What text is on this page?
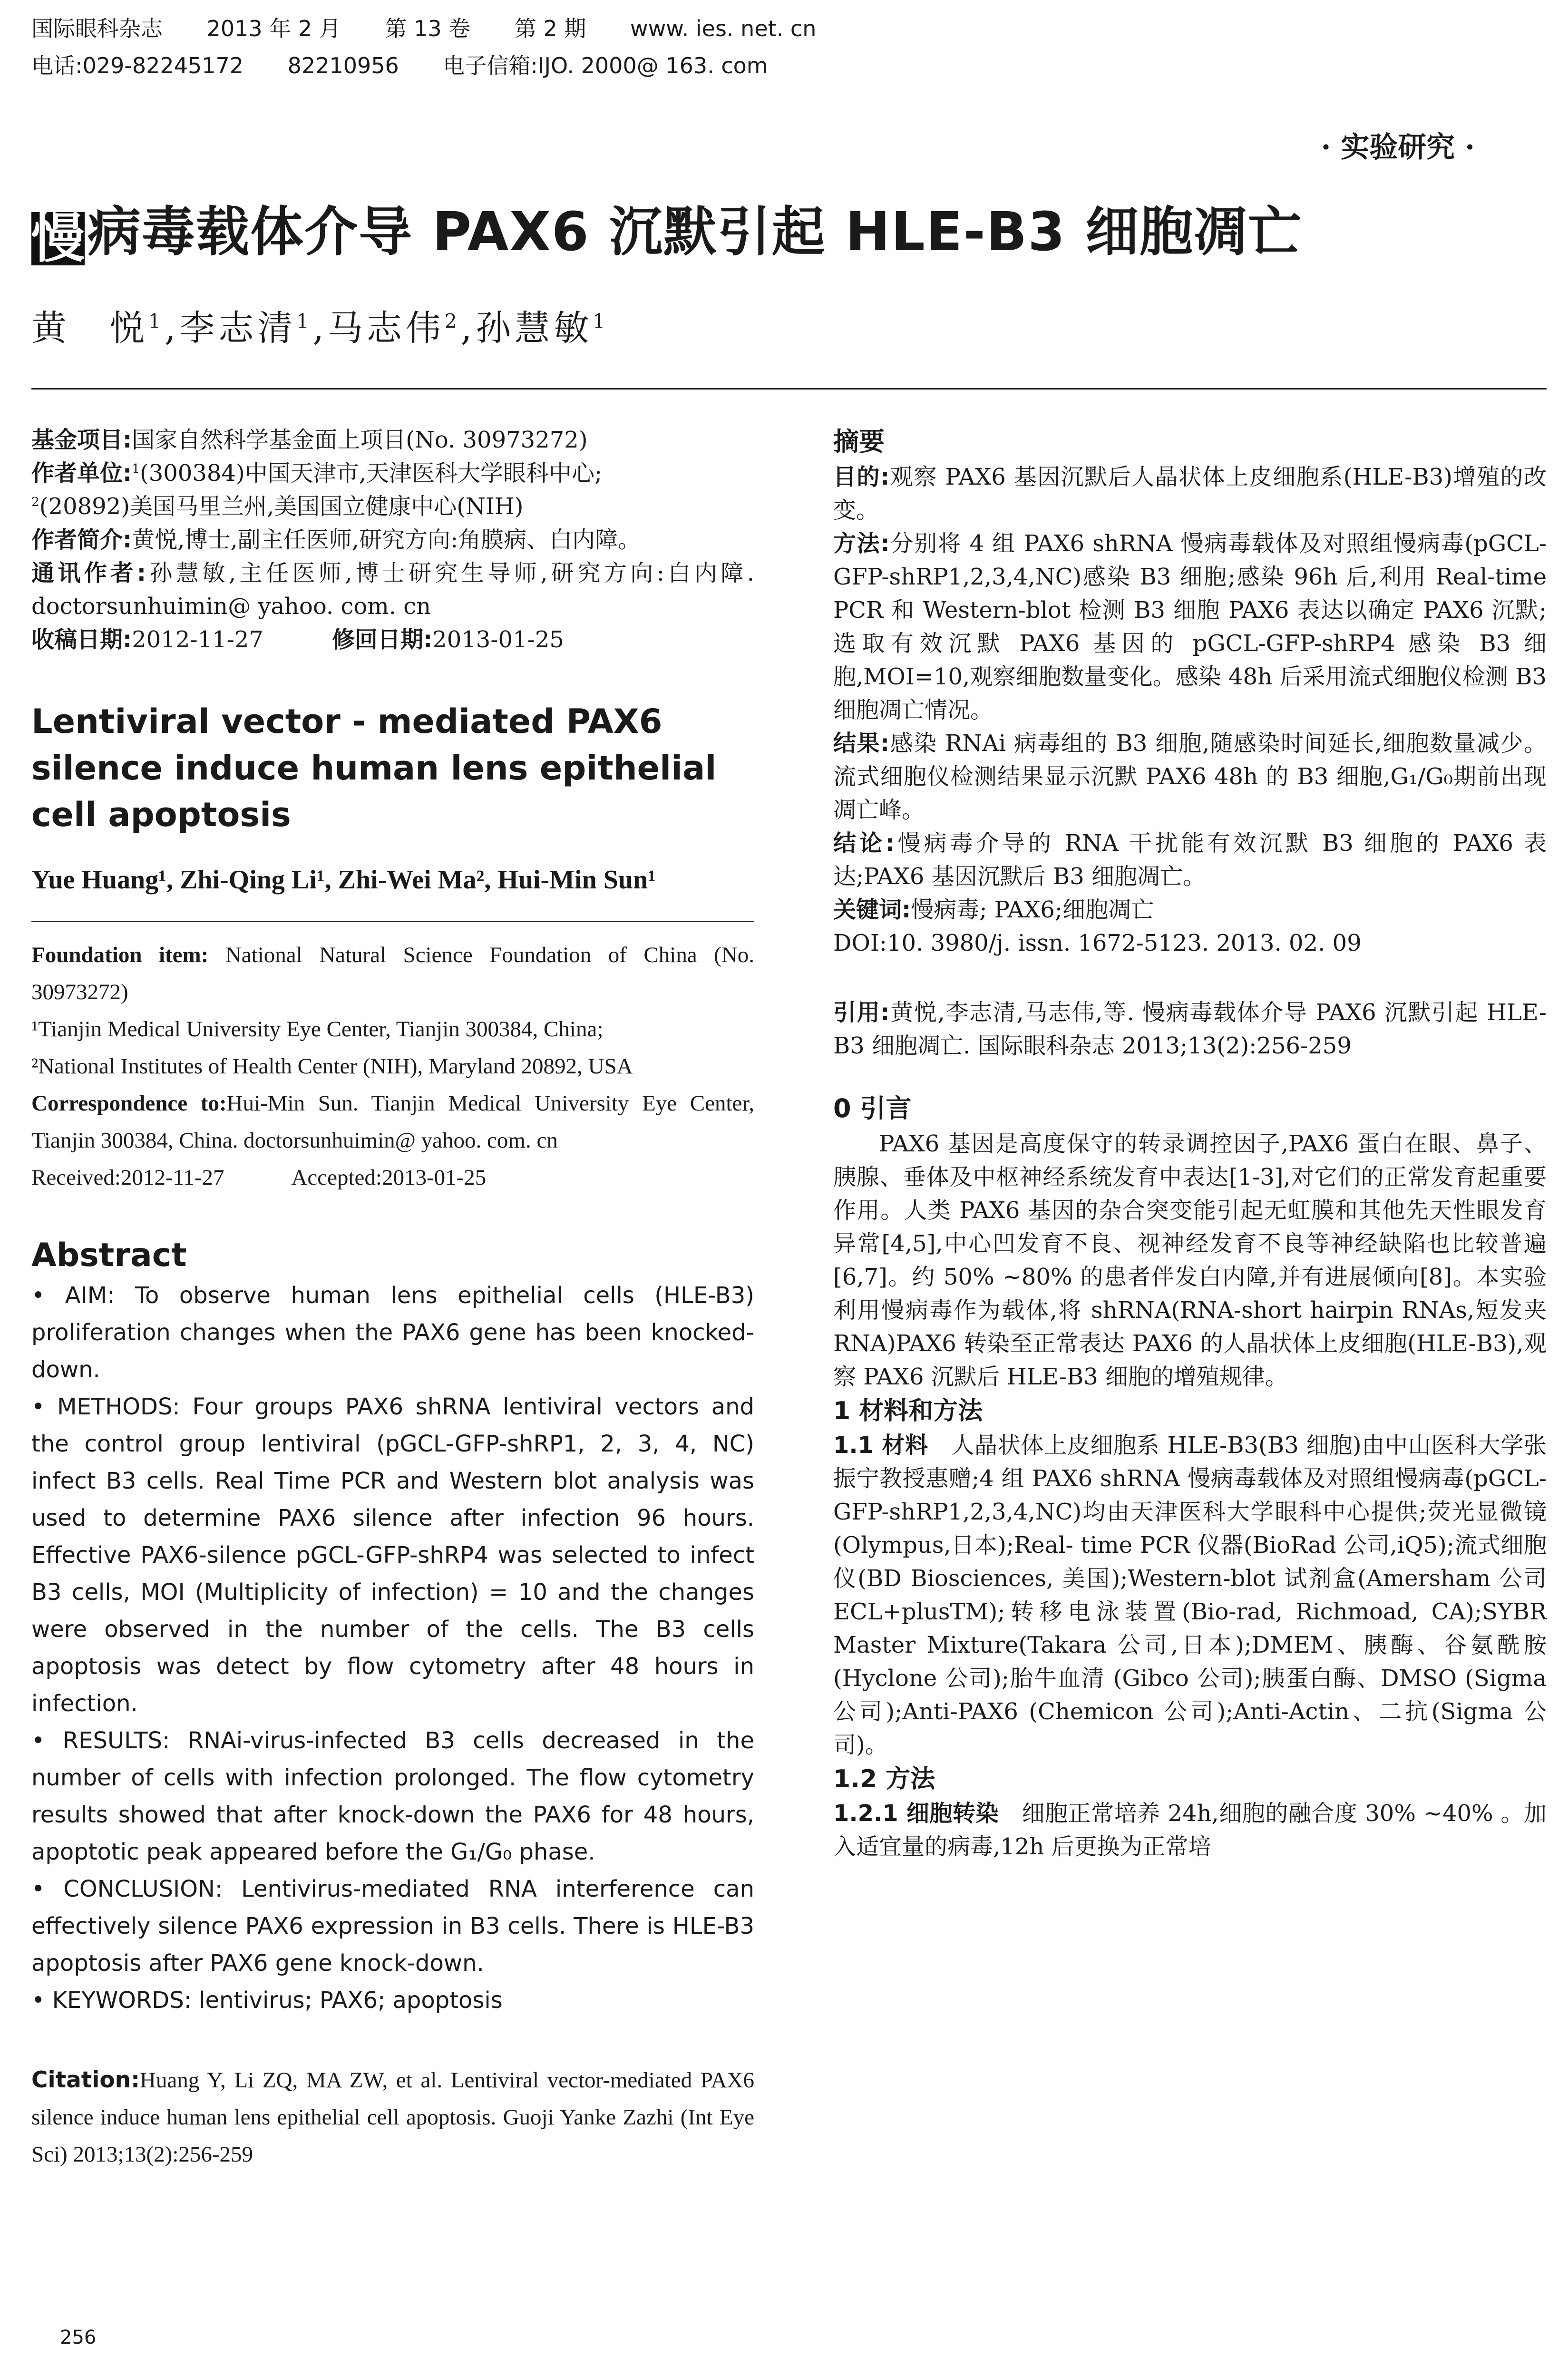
国际眼科杂志 2013 年 2 月 第 13 卷 第 2 期 www. ies. net. cn
电话:029-82245172 82210956 电子信箱:IJO. 2000@ 163. com
· 实验研究 ·
慢病毒载体介导 PAX6 沉默引起 HLE-B3 细胞凋亡
黄　悦$^1$,李志清$^1$,马志伟$^2$,孙慧敏$^1$

基金项目:国家自然科学基金面上项目(No. 30973272)

作者单位:$^1$(300384)中国天津市,天津医科大学眼科中心;

$^2$(20892)美国马里兰州,美国国立健康中心(NIH)

作者简介:黄悦,博士,副主任医师,研究方向:角膜病、白内障。

通讯作者:孙慧敏,主任医师,博士研究生导师,研究方向:白内障. doctorsunhuimin@ yahoo. com. cn

收稿日期:2012-11-27　　　	修回日期:2013-01-25

Lentiviral vector - mediated PAX6 silence induce human lens epithelial cell apoptosis

Yue Huang¹, Zhi-Qing Li¹, Zhi-Wei Ma², Hui-Min Sun¹

Foundation item: National Natural Science Foundation of China (No. 30973272)

¹Tianjin Medical University Eye Center, Tianjin 300384, China;

²National Institutes of Health Center (NIH), Maryland 20892, USA

Correspondence to:Hui-Min Sun. Tianjin Medical University Eye Center, Tianjin 300384, China. doctorsunhuimin@ yahoo. com. cn

Received:2012-11-27　　　	Accepted:2013-01-25

Abstract

• AIM: To observe human lens epithelial cells (HLE-B3) proliferation changes when the PAX6 gene has been knocked-down.

• METHODS: Four groups PAX6 shRNA lentiviral vectors and the control group lentiviral (pGCL-GFP-shRP1, 2, 3, 4, NC) infect B3 cells. Real Time PCR and Western blot analysis was used to determine PAX6 silence after infection 96 hours. Effective PAX6-silence pGCL-GFP-shRP4 was selected to infect B3 cells, MOI (Multiplicity of infection) = 10 and the changes were observed in the number of the cells. The B3 cells apoptosis was detect by flow cytometry after 48 hours in infection.

• RESULTS: RNAi-virus-infected B3 cells decreased in the number of cells with infection prolonged. The flow cytometry results showed that after knock-down the PAX6 for 48 hours, apoptotic peak appeared before the G₁/G₀ phase.

• CONCLUSION: Lentivirus-mediated RNA interference can effectively silence PAX6 expression in B3 cells. There is HLE-B3 apoptosis after PAX6 gene knock-down.

• KEYWORDS: lentivirus; PAX6; apoptosis

Citation:Huang Y, Li ZQ, MA ZW, et al. Lentiviral vector-mediated PAX6 silence induce human lens epithelial cell apoptosis. Guoji Yanke Zazhi (Int Eye Sci) 2013;13(2):256-259

摘要

目的:观察 PAX6 基因沉默后人晶状体上皮细胞系(HLE-B3)增殖的改变。

方法:分别将 4 组 PAX6 shRNA 慢病毒载体及对照组慢病毒(pGCL-GFP-shRP1,2,3,4,NC)感染 B3 细胞;感染 96h 后,利用 Real-time PCR 和 Western-blot 检测 B3 细胞 PAX6 表达以确定 PAX6 沉默;选取有效沉默 PAX6 基因的 pGCL-GFP-shRP4 感染 B3 细胞,MOI=10,观察细胞数量变化。感染 48h 后采用流式细胞仪检测 B3 细胞凋亡情况。

结果:感染 RNAi 病毒组的 B3 细胞,随感染时间延长,细胞数量减少。流式细胞仪检测结果显示沉默 PAX6 48h 的 B3 细胞,G₁/G₀期前出现凋亡峰。

结论:慢病毒介导的 RNA 干扰能有效沉默 B3 细胞的 PAX6 表达;PAX6 基因沉默后 B3 细胞凋亡。

关键词:慢病毒; PAX6;细胞凋亡

DOI:10. 3980/j. issn. 1672-5123. 2013. 02. 09

引用:黄悦,李志清,马志伟,等. 慢病毒载体介导 PAX6 沉默引起 HLE-B3 细胞凋亡. 国际眼科杂志 2013;13(2):256-259

0 引言

PAX6 基因是高度保守的转录调控因子,PAX6 蛋白在眼、鼻子、胰腺、垂体及中枢神经系统发育中表达[1-3],对它们的正常发育起重要作用。人类 PAX6 基因的杂合突变能引起无虹膜和其他先天性眼发育异常[4,5],中心凹发育不良、视神经发育不良等神经缺陷也比较普遍[6,7]。约 50% ~80% 的患者伴发白内障,并有进展倾向[8]。本实验利用慢病毒作为载体,将 shRNA(RNA-short hairpin RNAs,短发夹 RNA)PAX6 转染至正常表达 PAX6 的人晶状体上皮细胞(HLE-B3),观察 PAX6 沉默后 HLE-B3 细胞的增殖规律。

1 材料和方法

1.1 材料　 人晶状体上皮细胞系 HLE-B3(B3 细胞)由中山医科大学张振宁教授惠赠;4 组 PAX6 shRNA 慢病毒载体及对照组慢病毒(pGCL-GFP-shRP1,2,3,4,NC)均由天津医科大学眼科中心提供;荧光显微镜(Olympus,日本);Real- time PCR 仪器(BioRad 公司,iQ5);流式细胞仪(BD Biosciences, 美国);Western-blot 试剂盒(Amersham 公司 ECL+plusTM);转移电泳装置(Bio-rad, Richmoad, CA);SYBR Master Mixture(Takara 公司,日本);DMEM、胰酶、谷氨酰胺(Hyclone 公司);胎牛血清 (Gibco 公司);胰蛋白酶、DMSO (Sigma 公司);Anti-PAX6 (Chemicon 公司);Anti-Actin、二抗(Sigma 公司)。

1.2 方法

1.2.1 细胞转染　 细胞正常培养 24h,细胞的融合度 30% ~40% 。加入适宜量的病毒,12h 后更换为正常培

256
